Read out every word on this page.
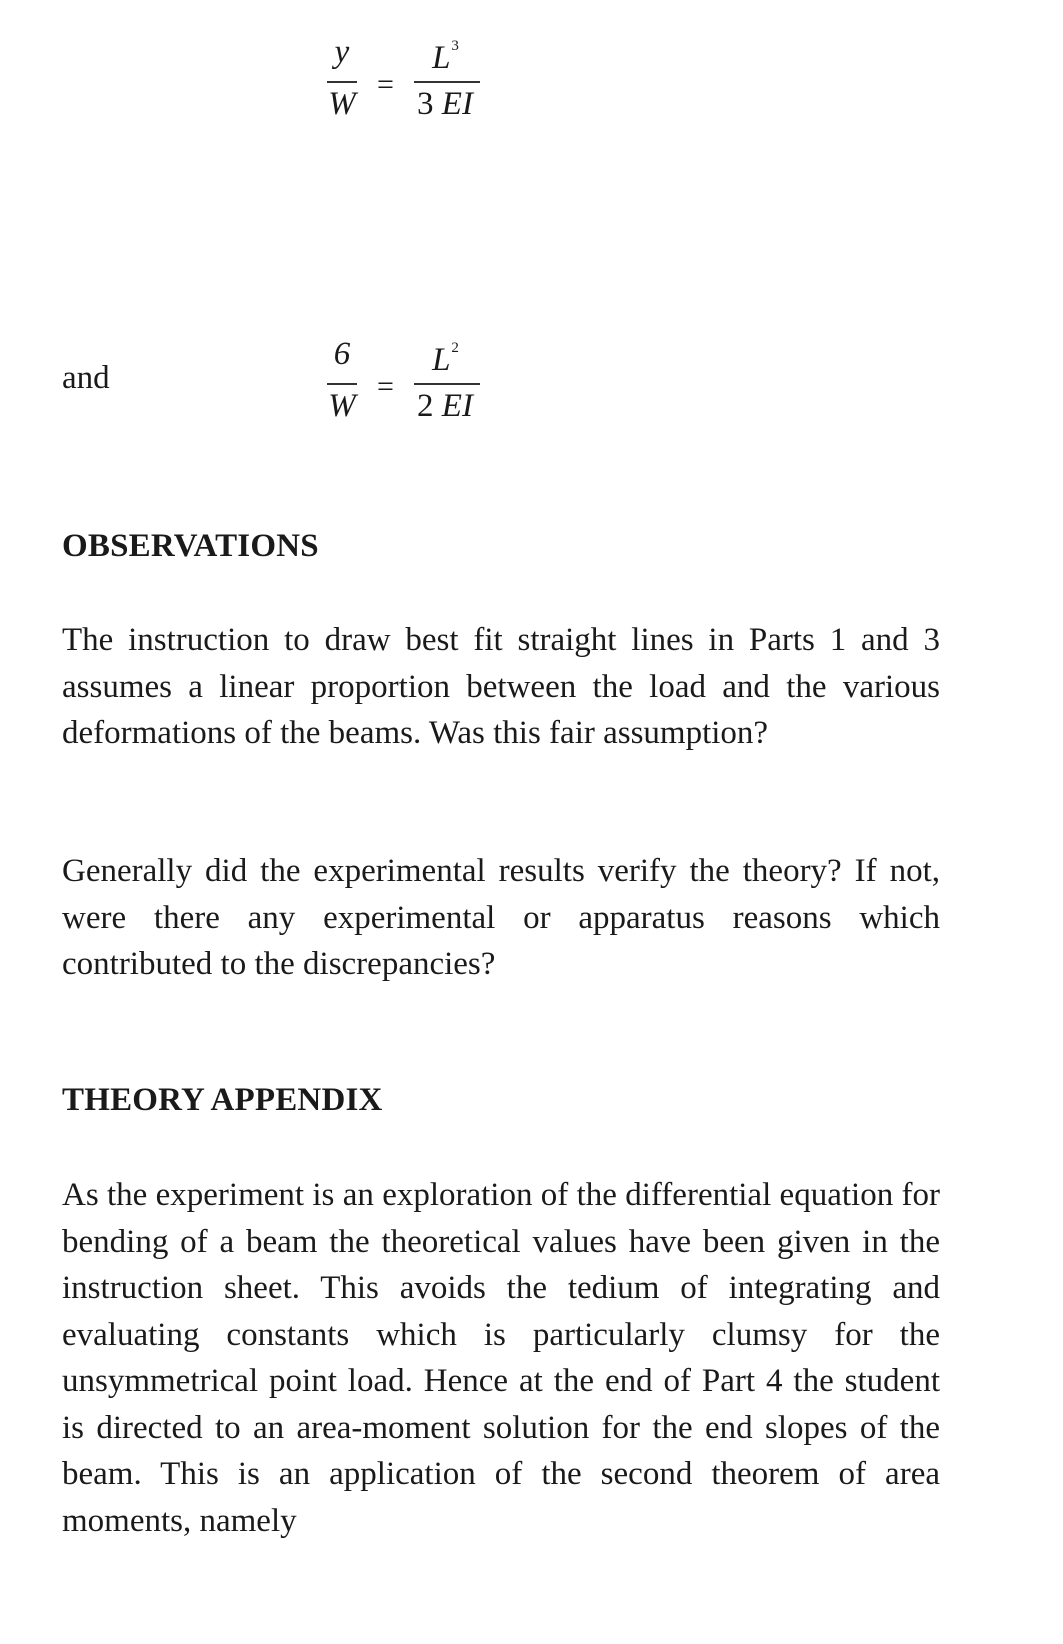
y
W
=
$L^3$
3 EI
and
6
W
=
$L^2$
2 EI
OBSERVATIONS
The instruction to draw best fit straight lines in Parts 1 and 3 assumes a linear proportion between the load and the various deformations of the beams. Was this fair assumption?
Generally did the experimental results verify the theory? If not, were there any experimental or apparatus reasons which contributed to the discrepancies?
THEORY APPENDIX
As the experiment is an exploration of the differential equation for bending of a beam the theoretical values have been given in the instruction sheet. This avoids the tedium of integrating and evaluating constants which is particularly clumsy for the unsymmetrical point load. Hence at the end of Part 4 the student is directed to an area-moment solution for the end slopes of the beam. This is an application of the second theorem of area moments, namely
